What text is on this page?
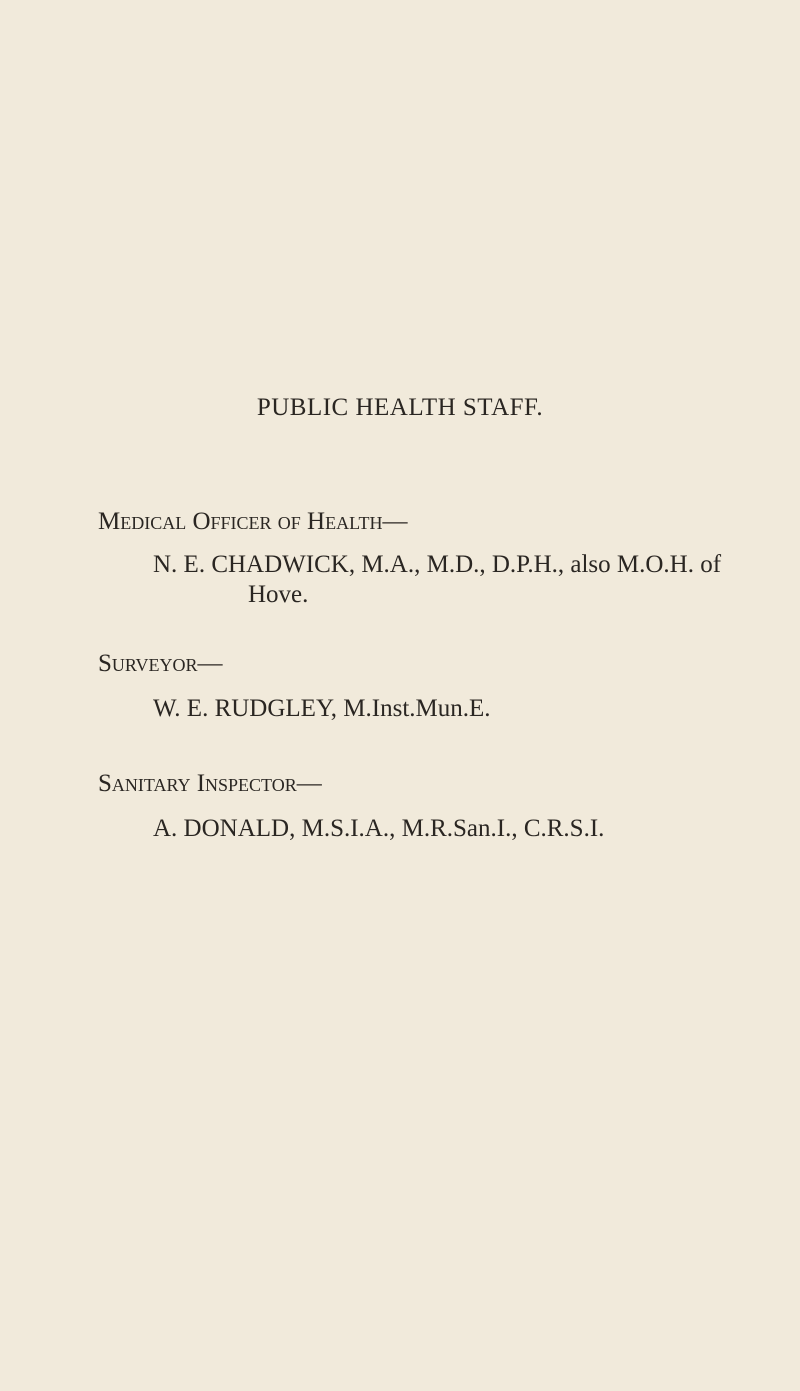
PUBLIC HEALTH STAFF.
Medical Officer of Health—
N. E. CHADWICK, M.A., M.D., D.P.H., also M.O.H. of
Hove.
Surveyor—
W. E. RUDGLEY, M.Inst.Mun.E.
Sanitary Inspector—
A. DONALD, M.S.I.A., M.R.San.I., C.R.S.I.
